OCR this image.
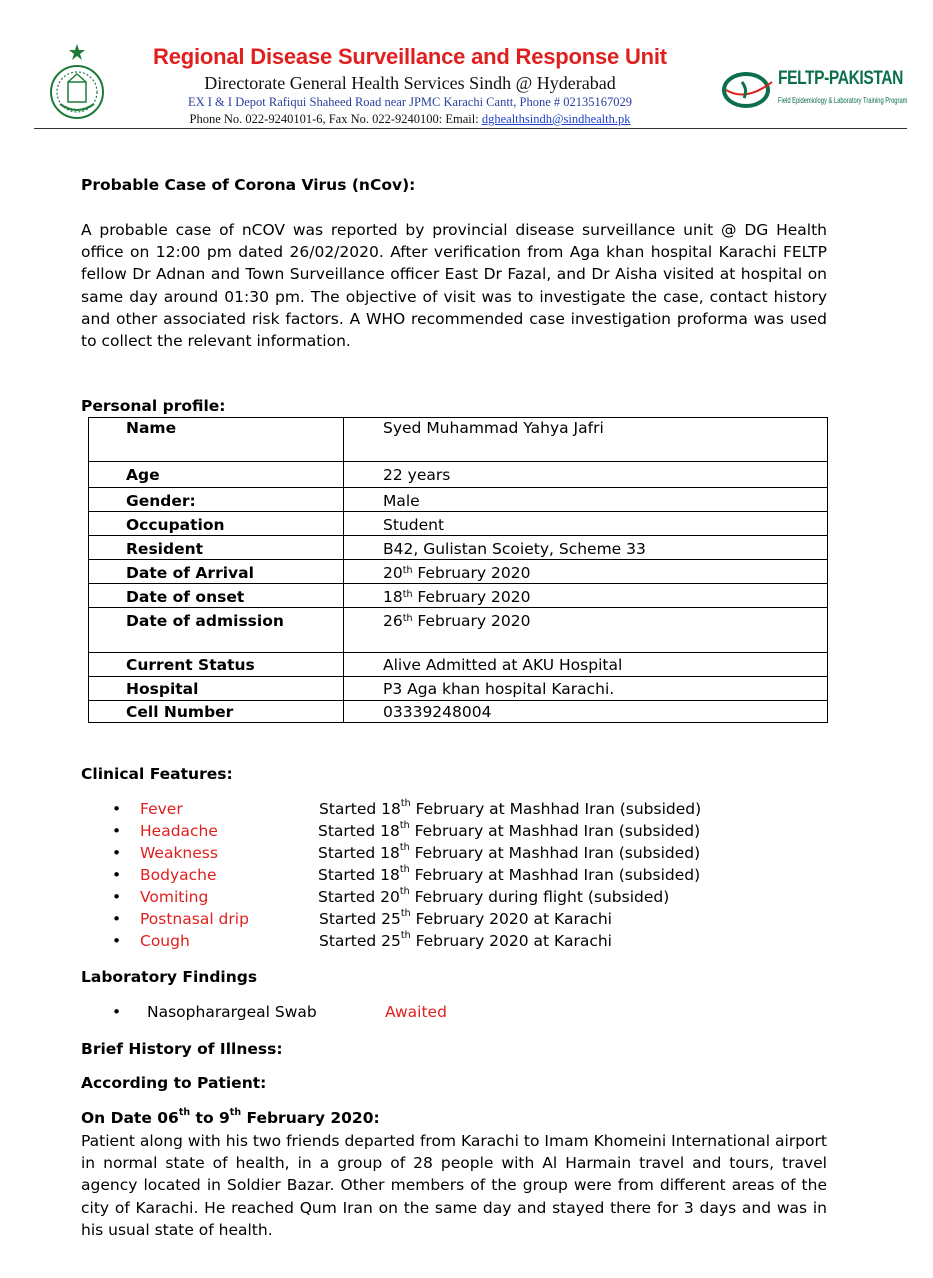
Regional Disease Surveillance and Response Unit
Directorate General Health Services Sindh @ Hyderabad
EX I & I Depot Rafiqui Shaheed Road near JPMC Karachi Cantt, Phone # 02135167029
Phone No. 022-9240101-6, Fax No. 022-9240100: Email: dghealthsindh@sindhealth.pk
FELTP-PAKISTAN
Field Epidemiology & Laboratory Training Program
Probable Case of Corona Virus (nCov):
A probable case of nCOV was reported by provincial disease surveillance unit @ DG Health office on 12:00 pm dated 26/02/2020. After verification from Aga khan hospital Karachi FELTP fellow Dr Adnan and Town Surveillance officer East Dr Fazal, and Dr Aisha visited at hospital on same day around 01:30 pm. The objective of visit was to investigate the case, contact history and other associated risk factors. A WHO recommended case investigation proforma was used to collect the relevant information.
Personal profile:
Name	Syed Muhammad Yahya Jafri
Age	22 years
Gender:	Male
Occupation	Student
Resident	B42, Gulistan Scoiety, Scheme 33
Date of Arrival	20th February 2020
Date of onset	18th February 2020
Date of admission	26th February 2020
Current Status	Alive Admitted at AKU Hospital
Hospital	P3 Aga khan hospital Karachi.
Cell Number	03339248004
Clinical Features:
• Fever	Started 18th February at Mashhad Iran (subsided)
• Headache	Started 18th February at Mashhad Iran (subsided)
• Weakness	Started 18th February at Mashhad Iran (subsided)
• Bodyache	Started 18th February at Mashhad Iran (subsided)
• Vomiting	Started 20th February during flight (subsided)
• Postnasal drip	Started 25th February 2020 at Karachi
• Cough	Started 25th February 2020 at Karachi
Laboratory Findings
• Nasopharargeal Swab	Awaited
Brief History of Illness:
According to Patient:
On Date 06th to 9th February 2020:
Patient along with his two friends departed from Karachi to Imam Khomeini International airport in normal state of health, in a group of 28 people with Al Harmain travel and tours, travel agency located in Soldier Bazar. Other members of the group were from different areas of the city of Karachi. He reached Qum Iran on the same day and stayed there for 3 days and was in his usual state of health.
